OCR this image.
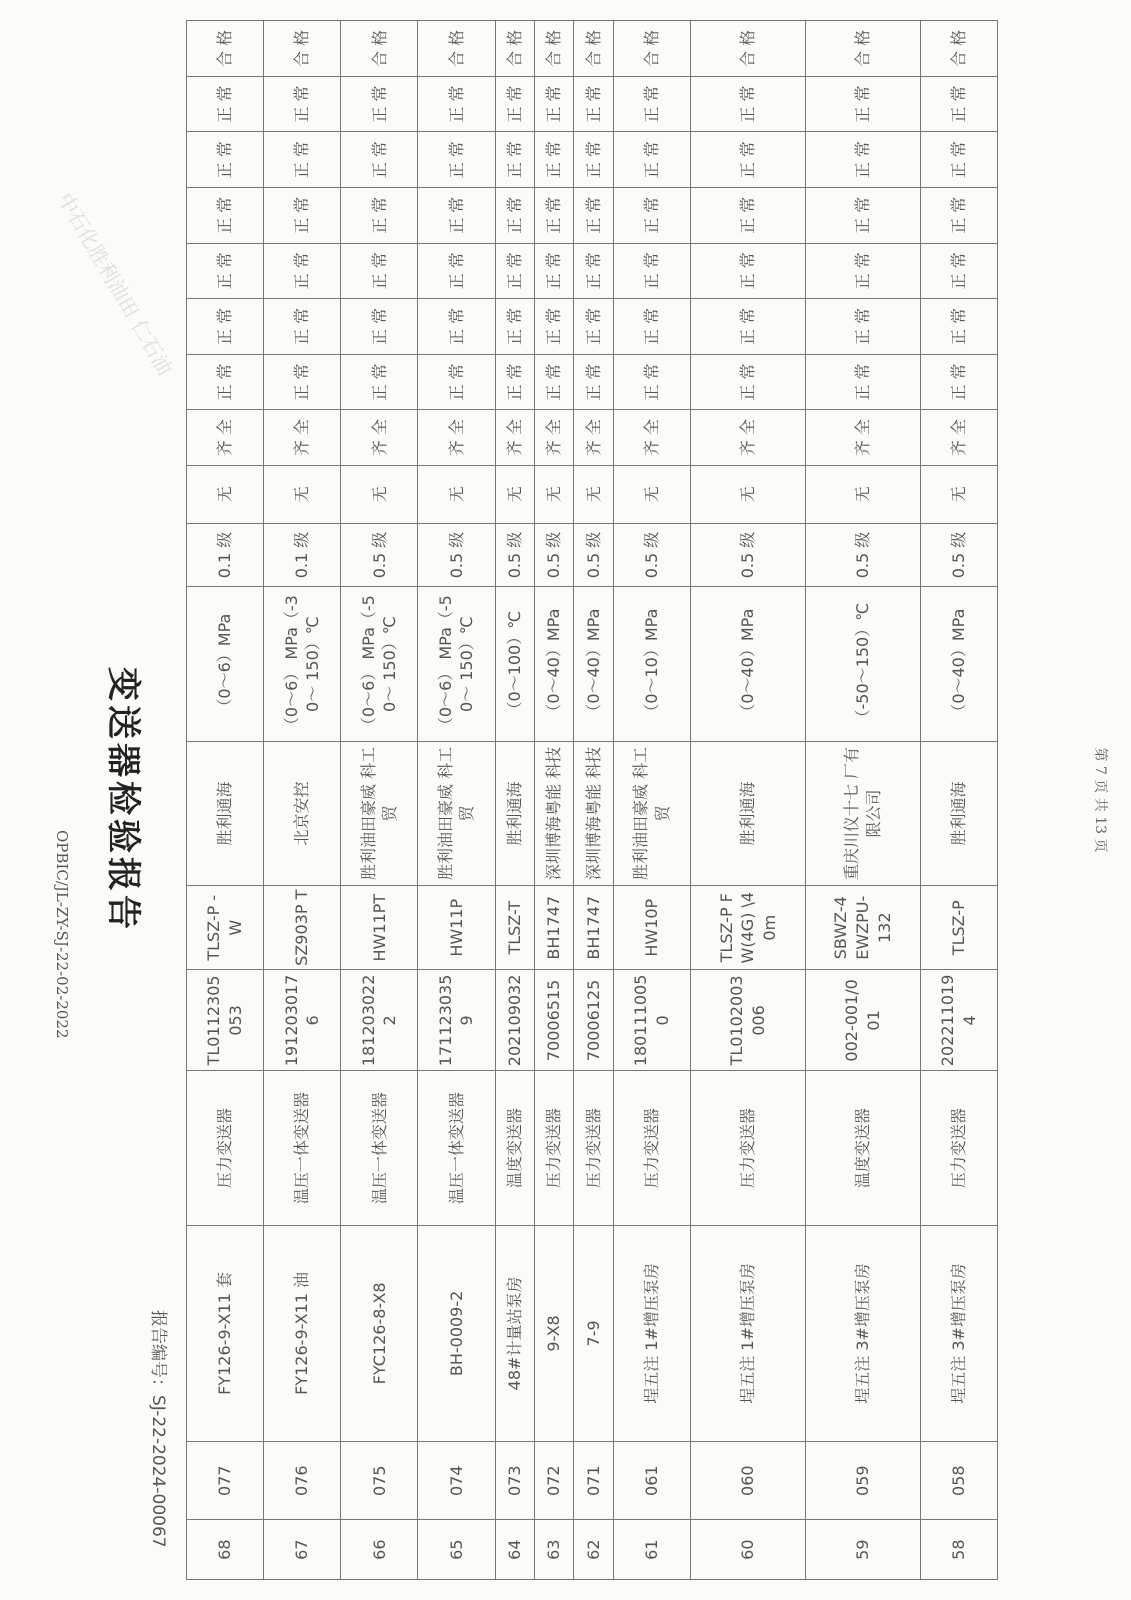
中石化胜利油田 仁石油
OPBIC/JL-ZY-SJ-22-02-2022
变送器检验报告
报告编号：SJ-22-2024-00067
68	077	FY126-9-X11 套	压力变送器	TL0112305 053	TLSZ-P -W	胜利通海	（0～6）MPa	0.1 级	无	齐 全	正 常	正 常	正 常	正 常	正 常	正 常	合 格
67	076	FY126-9-X11 油	温压一体变送器	191203017 6	SZ903P T	北京安控	（0～6） MPa（-30～ 150）℃	0.1 级	无	齐 全	正 常	正 常	正 常	正 常	正 常	正 常	合 格
66	075	FYC126-8-X8	温压一体变送器	181203022 2	HW11PT	胜利油田豪威 科工贸	（0～6） MPa（-50～ 150）℃	0.5 级	无	齐 全	正 常	正 常	正 常	正 常	正 常	正 常	合 格
65	074	BH-0009-2	温压一体变送器	171123035 9	HW11P	胜利油田豪威 科工贸	（0～6） MPa（-50～ 150）℃	0.5 级	无	齐 全	正 常	正 常	正 常	正 常	正 常	正 常	合 格
64	073	48#计量站泵房	温度变送器	202109032	TLSZ-T	胜利通海	（0～100）℃	0.5 级	无	齐 全	正 常	正 常	正 常	正 常	正 常	正 常	合 格
63	072	9-X8	压力变送器	70006515	BH1747	深圳博海粤能 科技	（0～40）MPa	0.5 级	无	齐 全	正 常	正 常	正 常	正 常	正 常	正 常	合 格
62	071	7-9	压力变送器	70006125	BH1747	深圳博海粤能 科技	（0～40）MPa	0.5 级	无	齐 全	正 常	正 常	正 常	正 常	正 常	正 常	合 格
61	061	埕五注 1#增压泵房	压力变送器	180111005 0	HW10P	胜利油田豪威 科工贸	（0～10）MPa	0.5 级	无	齐 全	正 常	正 常	正 常	正 常	正 常	正 常	合 格
60	060	埕五注 1#增压泵房	压力变送器	TL0102003 006	TLSZ-P FW(4G) \40m	胜利通海	（0～40）MPa	0.5 级	无	齐 全	正 常	正 常	正 常	正 常	正 常	正 常	合 格
59	059	埕五注 3#增压泵房	温度变送器	002-001/0 01	SBWZ-4 EWZPU- 132	重庆川仪十七 厂有限公司	（-50～150）℃	0.5 级	无	齐 全	正 常	正 常	正 常	正 常	正 常	正 常	合 格
58	058	埕五注 3#增压泵房	压力变送器	202211019 4	TLSZ-P	胜利通海	（0～40）MPa	0.5 级	无	齐 全	正 常	正 常	正 常	正 常	正 常	正 常	合 格
第 7 页 共 13 页
